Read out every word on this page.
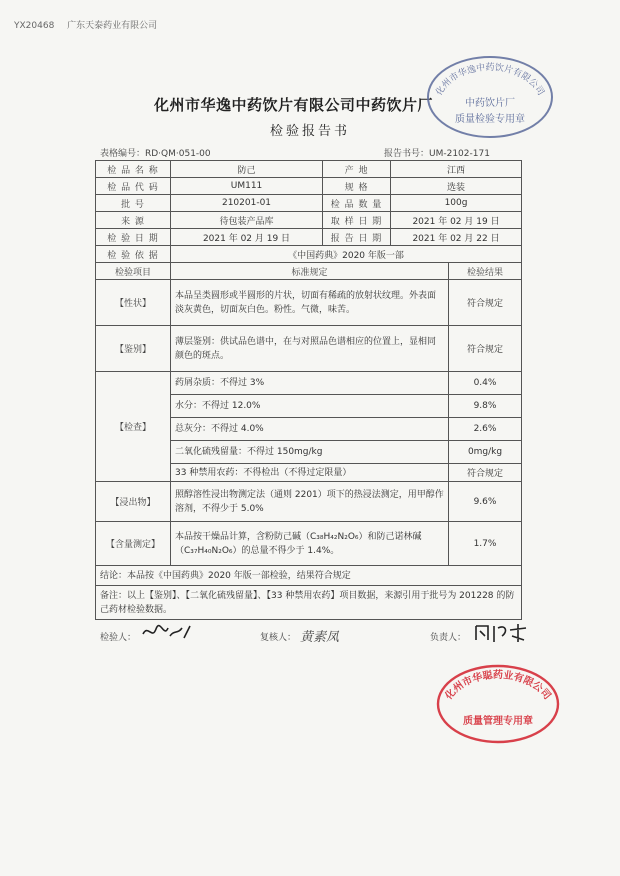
YX20468 广东天泰药业有限公司
化州市华逸中药饮片有限公司中药饮片厂
检验报告书
表格编号：RD·QM·051-00	报告书号：UM-2102-171
化州市华逸中药饮片有限公司
中药饮片厂
质量检验专用章
检 品 名 称	防己	产 地	江西	
检 品 代 码	UM111	规 格	选装	
批 号	210201-01	检 品 数 量	100g	
来 源	待包装产品库	取 样 日 期	2021 年 02 月 19 日	
检 验 日 期	2021 年 02 月 19 日	报 告 日 期	2021 年 02 月 22 日	
检 验 依 据	《中国药典》2020 年版一部			
检验项目	标准规定			检验结果
【性状】	本品呈类圆形或半圆形的片状，切面有稀疏的放射状纹理。外表面淡灰黄色，切面灰白色。粉性。气微，味苦。			符合规定
【鉴别】	薄层鉴别：供试品色谱中，在与对照品色谱相应的位置上，显相同颜色的斑点。			符合规定
【检查】	药屑杂质：不得过 3%			0.4%
	水分：不得过 12.0%			9.8%
	总灰分：不得过 4.0%			2.6%
	二氧化硫残留量：不得过 150mg/kg			0mg/kg
	33 种禁用农药：不得检出（不得过定限量）			符合规定
【浸出物】	照醇溶性浸出物测定法（通则 2201）项下的热浸法测定，用甲醇作溶剂，不得少于 5.0%			9.6%
【含量测定】	本品按干燥品计算，含粉防己碱（C₃₈H₄₂N₂O₆）和防己诺林碱（C₃₇H₄₀N₂O₆）的总量不得少于 1.4%。			1.7%
结论：本品按《中国药典》2020 年版一部检验，结果符合规定				
备注：以上【鉴别】、【二氧化硫残留量】、【33 种禁用农药】项目数据，来源引用于批号为 201228 的防己药材检验数据。				
检验人：	复核人： 黄素凤	负责人：
化州市华聪药业有限公司
质量管理专用章
